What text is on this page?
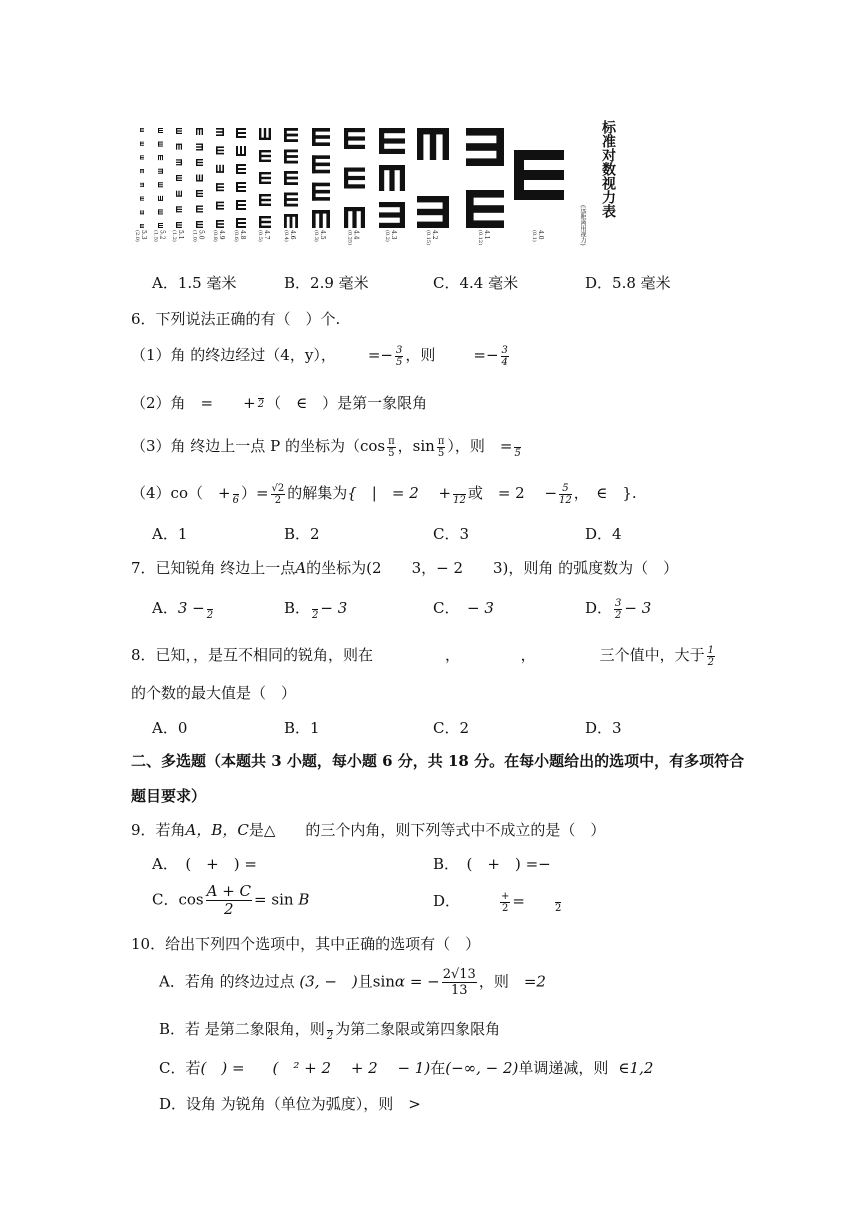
5.3
(2.0)	5.2
(1.5)	5.1
(1.2)	5.0
(1.0)	4.9
(0.8)	4.8
(0.6)	4.7
(0.5)	4.6
(0.4)	4.5
(0.3)	4.4
(0.25)	4.3
(0.2)	4.2
(0.15)	4.1
(0.12)	4.0
(0.1)
标准对数视力表
(远距离用视力)
A．1.5 毫米	B．2.9 毫米	C．4.4 毫米	D．5.8 毫米
6．下列说法正确的有（　）个.
（1）角 的终边经过（4，y）， =− $\frac{3}{5}$ ，则	=− $\frac{3}{4}$
（2）角　=　　+ 2 （　∈　）是第一象限角
（3）角 终边上一点 P 的坐标为（$\cos \frac{\pi}{5}$ ，$\sin \frac{\pi}{5}$ ），则　=
5
（4）co（　+
6 ）= $\frac{√2}{2}$ 的解集为{　|　= 2　 +
12 或　= 2　 − $\frac{5}{12}$ ，　∈　}.
A．1	B．2	C．3	D．4
7．已知锐角 终边上一点A的坐标为(2　　3，− 2　　3)，则角 的弧度数为（　）
A．3 −
2	B．
2 − 3	C．　− 3	D． $\frac{3}{2} - 3$
8．已知，，是互不相同的锐角，则在	，	，	三个值中，大于 $\frac{1}{2}$
的个数的最大值是（　）
A．0	B．1	C．2	D．3
二、多选题（本题共 3 小题，每小题 6 分，共 18 分。在每小题给出的选项中，有多项符合
题目要求）
9．若角A，B，C是△　　的三个内角，则下列等式中不成立的是（　）
A．　(　+　) =	B．　(　+　) =−
C．$\cos \frac{A + C}{2} = \sin B$	D．	$\frac{+}{2}$ =
	2
10．给出下列四个选项中，其中正确的选项有（　）
A．若角 的终边过点 (3, −　)且sinα = − $\frac{2√13}{13}$ ，则　=2
B．若 是第二象限角，则
2 为第二象限或第四象限角
C．若(　) = (　² + 2　 + 2　 − 1)在(−∞, − 2)单调递减，则 ∈1,2
D．设角 为锐角（单位为弧度），则　>
